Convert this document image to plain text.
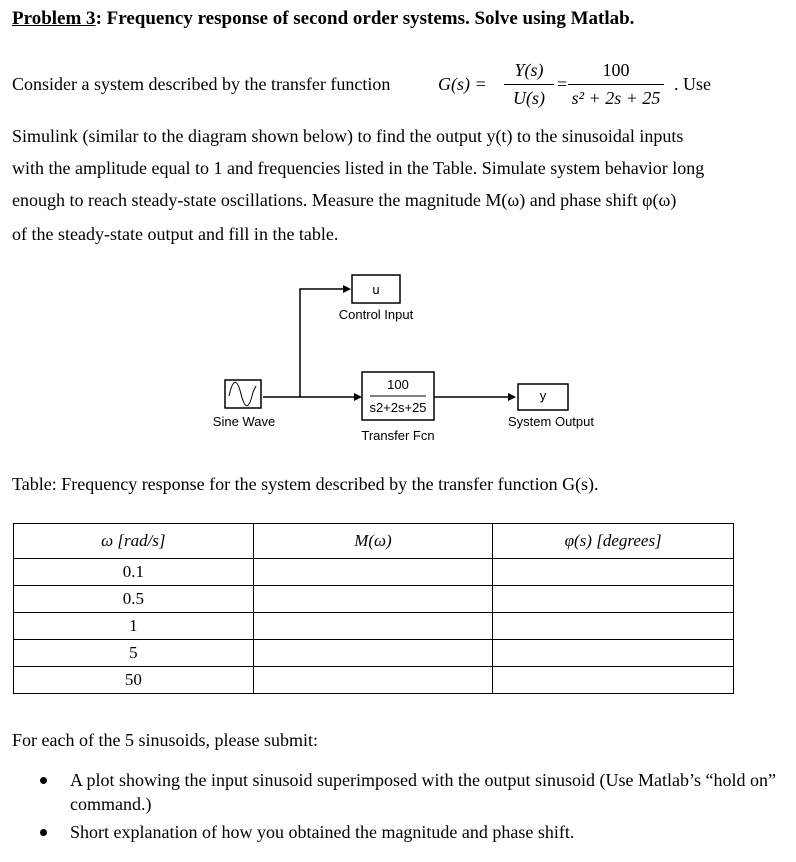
Problem 3: Frequency response of second order systems. Solve using Matlab.
Consider a system described by the transfer function	G(s) =
Y(s)
U(s)
=
100
s² + 2s + 25
. Use
Simulink (similar to the diagram shown below) to find the output y(t) to the sinusoidal inputs
with the amplitude equal to 1 and frequencies listed in the Table. Simulate system behavior long
enough to reach steady-state oscillations. Measure the magnitude M(ω) and phase shift φ(ω)
of the steady-state output and fill in the table.
u
Control Input
Sine Wave
100
s2+2s+25
Transfer Fcn
y
System Output
Table: Frequency response for the system described by the transfer function G(s).
ω [rad/s]	M(ω)	φ(s) [degrees]
0.1		
0.5		
1		
5		
50		
For each of the 5 sinusoids, please submit:
A plot showing the input sinusoid superimposed with the output sinusoid (Use Matlab’s “hold on” command.)
Short explanation of how you obtained the magnitude and phase shift.
